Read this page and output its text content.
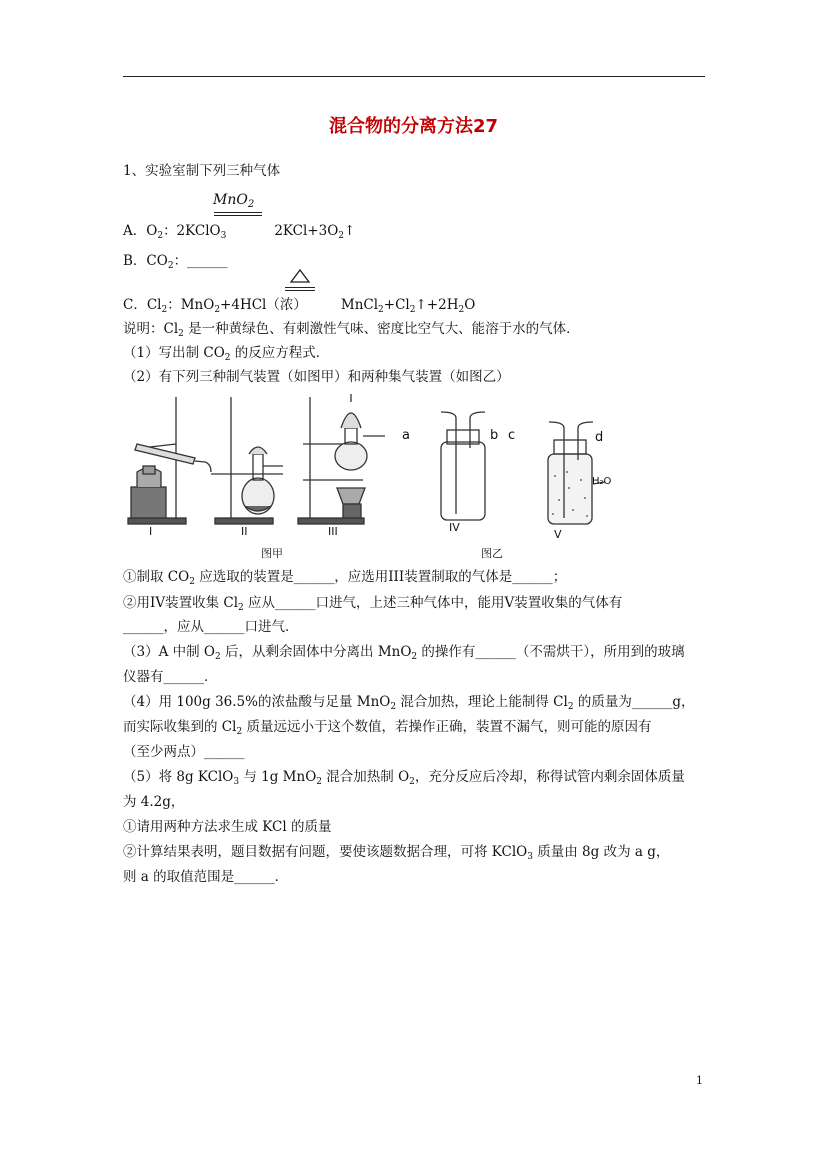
混合物的分离方法27
1、实验室制下列三种气体
MnO$_2$
A．$O_2$：2KClO$_3$	$2KCl+3O_2↑$
B．$CO_2$：______
C．$Cl_2$：MnO$_2$+4HCl（浓）	$MnCl_2+Cl_2↑+2H_2O$
说明：$Cl_2$ 是一种黄绿色、有刺激性气味、密度比空气大、能溶于水的气体．
（1）写出制 $CO_2$ 的反应方程式．
（2）有下列三种制气装置（如图甲）和两种集气装置（如图乙）
I	II	III	IV
V
图甲	图乙
a	b c	d
H₂O
①制取 $CO_2$ 应选取的装置是______，应选用III装置制取的气体是______；
②用IV装置收集 $Cl_2$ 应从______口进气，上述三种气体中，能用V装置收集的气体有
______，应从______口进气．
（3）A 中制 $O_2$ 后，从剩余固体中分离出 MnO$_2$ 的操作有______（不需烘干），所用到的玻璃
仪器有______．
（4）用 100g 36.5%的浓盐酸与足量 MnO$_2$ 混合加热，理论上能制得 $Cl_2$ 的质量为______g，
而实际收集到的 $Cl_2$ 质量远远小于这个数值，若操作正确，装置不漏气，则可能的原因有
（至少两点）______
（5）将 8g KClO$_3$ 与 1g MnO$_2$ 混合加热制 $O_2$，充分反应后冷却，称得试管内剩余固体质量
为 4.2g，
①请用两种方法求生成 KCl 的质量
②计算结果表明，题目数据有问题，要使该题数据合理，可将 KClO$_3$ 质量由 8g 改为 a g，
则 a 的取值范围是______．
1
